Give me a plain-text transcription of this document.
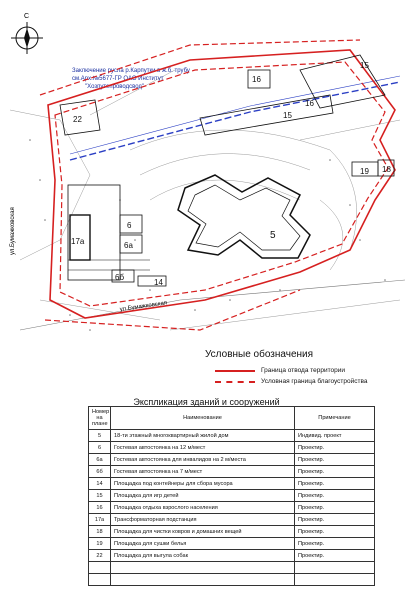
С
Заключение русла р.Карпутки в ж.б. трубу
см.Арх.№5677-ГР ОАО Институт
"Хозпутепроводсвод"
ул.Бумажковская
ул.Бумажковская
15
16
15
16
22
6
6a
17a
6б
14
5
19 18
Условные обозначения
Граница отвода территории
Условная граница благоустройства
Экспликация зданий и сооружений
Номер на плане	Наименование	Примечание
5	18-ти этажный многоквартирный жилой дом	Индивид. проект
6	Гостевая автостоянка на 12 м/мест	Проектир.
6а	Гостевая автостоянка для инвалидов на 2 м/места	Проектир.
6б	Гостевая автостоянка на 7 м/мест	Проектир.
14	Площадка под контейнеры для сбора мусора	Проектир.
15	Площадка для игр детей	Проектир.
16	Площадка отдыха взрослого населения	Проектир.
17а	Трансформаторная подстанция	Проектир.
18	Площадка для чистки ковров и домашних вещей	Проектир.
19	Площадка для сушки белья	Проектир.
22	Площадка для выгула собак	Проектир.
